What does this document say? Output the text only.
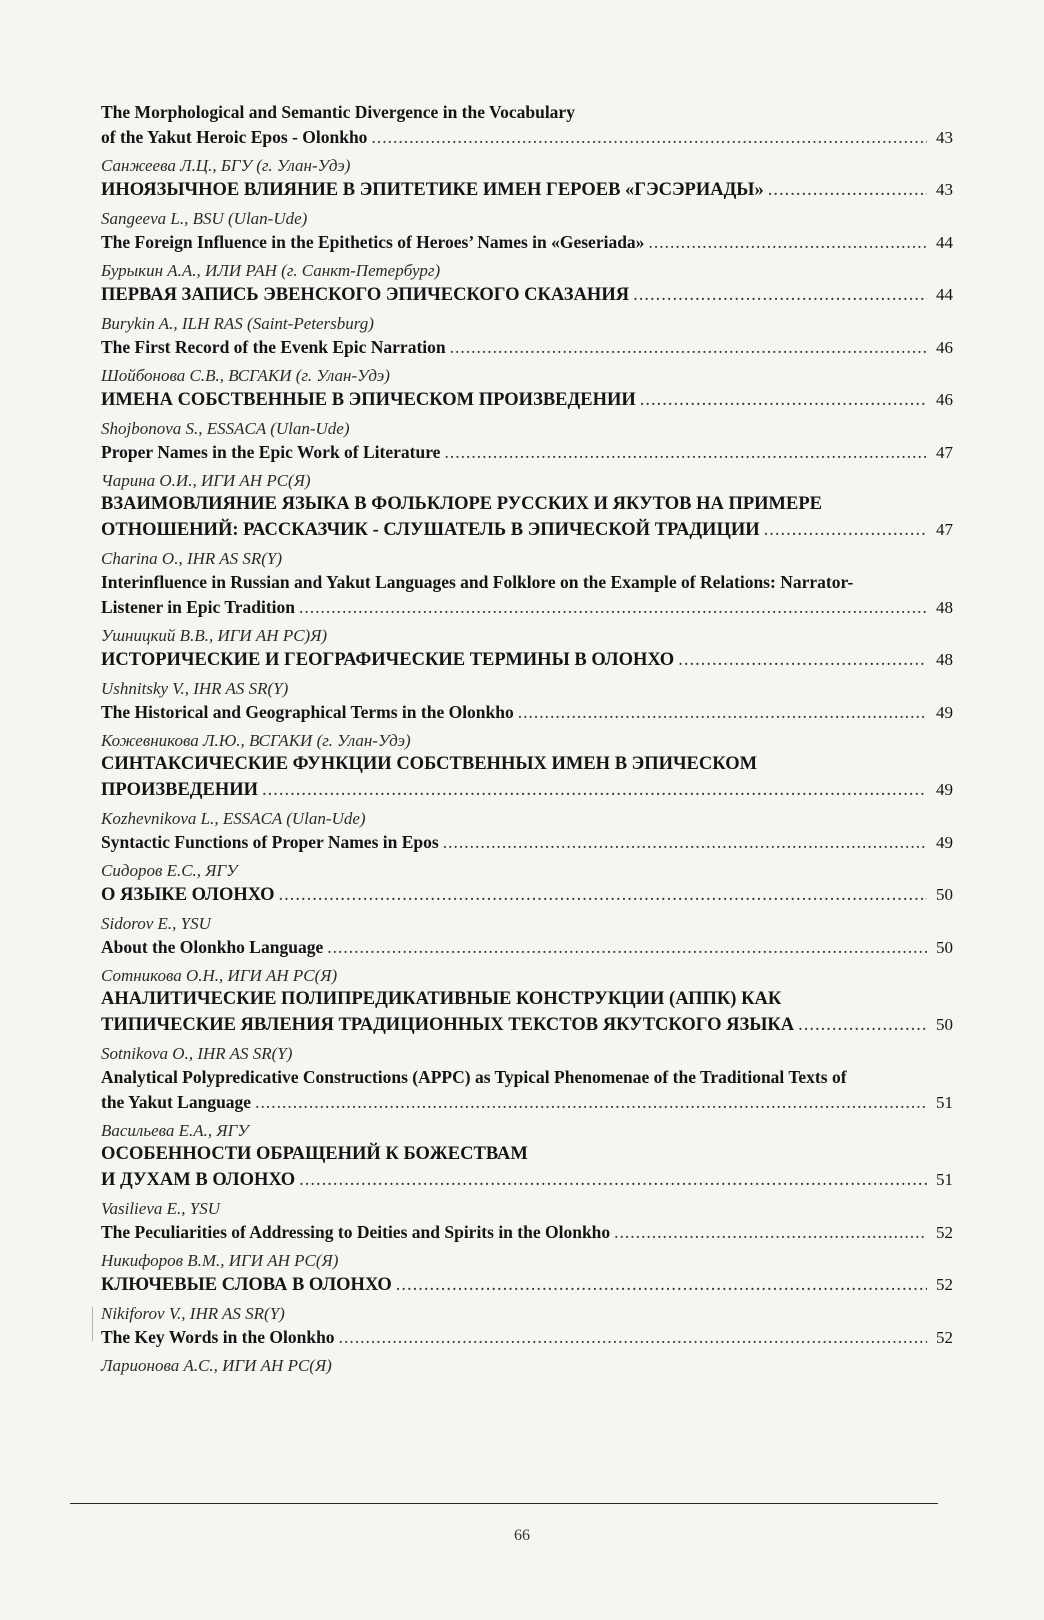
The Morphological and Semantic Divergence in the Vocabulary
of the Yakut Heroic Epos - Olonkho .....	43
Санжеева Л.Ц., БГУ (г. Улан-Удэ)
ИНОЯЗЫЧНОЕ ВЛИЯНИЕ В ЭПИТЕТИКЕ ИМЕН ГЕРОЕВ «ГЭСЭРИАДЫ» .....	43
Sangeeva L., BSU (Ulan-Ude)
The Foreign Influence in the Epithetics of Heroes’ Names in «Geseriada» .....	44
Бурыкин А.А., ИЛИ РАН (г. Санкт-Петербург)
ПЕРВАЯ ЗАПИСЬ ЭВЕНСКОГО ЭПИЧЕСКОГО СКАЗАНИЯ .....	44
Burykin A., ILH RAS (Saint-Petersburg)
The First Record of the Evenk Epic Narration .....	46
Шойбонова С.В., ВСГАКИ (г. Улан-Удэ)
ИМЕНА СОБСТВЕННЫЕ В ЭПИЧЕСКОМ ПРОИЗВЕДЕНИИ .....	46
Shojbonova S., ESSACA (Ulan-Ude)
Proper Names in the Epic Work of Literature .....	47
Чарина О.И., ИГИ АН РС(Я)
ВЗАИМОВЛИЯНИЕ ЯЗЫКА В ФОЛЬКЛОРЕ РУССКИХ И ЯКУТОВ НА ПРИМЕРЕ
ОТНОШЕНИЙ: РАССКАЗЧИК - СЛУШАТЕЛЬ В ЭПИЧЕСКОЙ ТРАДИЦИИ .....	47
Charina O., IHR AS SR(Y)
Interinfluence in Russian and Yakut Languages and Folklore on the Example of Relations: Narrator-
Listener in Epic Tradition .....	48
Ушницкий В.В., ИГИ АН РС)Я)
ИСТОРИЧЕСКИЕ И ГЕОГРАФИЧЕСКИЕ ТЕРМИНЫ В ОЛОНХО .....	48
Ushnitsky V., IHR AS SR(Y)
The Historical and Geographical Terms in the Olonkho .....	49
Кожевникова Л.Ю., ВСГАКИ (г. Улан-Удэ)
СИНТАКСИЧЕСКИЕ ФУНКЦИИ СОБСТВЕННЫХ ИМЕН В ЭПИЧЕСКОМ
ПРОИЗВЕДЕНИИ .....	49
Kozhevnikova L., ESSACA (Ulan-Ude)
Syntactic Functions of Proper Names in Epos .....	49
Сидоров Е.С., ЯГУ
О ЯЗЫКЕ ОЛОНХО .....	50
Sidorov E., YSU
About the Olonkho Language .....	50
Сотникова О.Н., ИГИ АН РС(Я)
АНАЛИТИЧЕСКИЕ ПОЛИПРЕДИКАТИВНЫЕ КОНСТРУКЦИИ (АППК) КАК
ТИПИЧЕСКИЕ ЯВЛЕНИЯ ТРАДИЦИОННЫХ ТЕКСТОВ ЯКУТСКОГО ЯЗЫКА .....	50
Sotnikova O., IHR AS SR(Y)
Analytical Polypredicative Constructions (APPC) as Typical Phenomenae of the Traditional Texts of
the Yakut Language .....	51
Васильева Е.А., ЯГУ
ОСОБЕННОСТИ ОБРАЩЕНИЙ К БОЖЕСТВАМ
И ДУХАМ В ОЛОНХО .....	51
Vasilieva E., YSU
The Peculiarities of Addressing to Deities and Spirits in the Olonkho .....	52
Никифоров В.М., ИГИ АН РС(Я)
КЛЮЧЕВЫЕ СЛОВА В ОЛОНХО .....	52
Nikiforov V., IHR AS SR(Y)
The Key Words in the Olonkho .....	52
Ларионова А.С., ИГИ АН РС(Я)
66
